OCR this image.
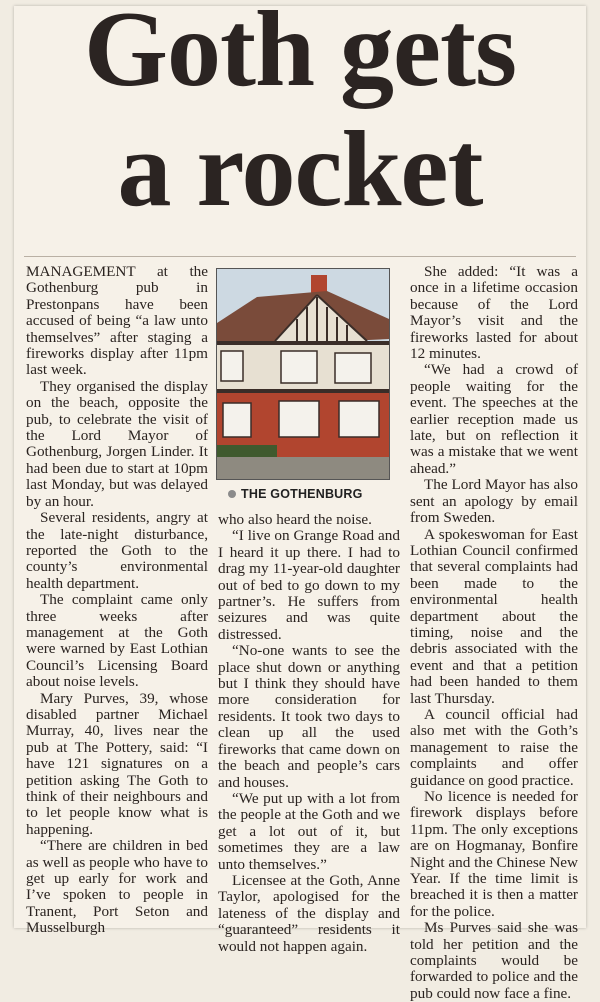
Goth gets
a rocket

MANAGEMENT at the Gothenburg pub in Prestonpans have been accused of being “a law unto themselves” after staging a fireworks display after 11pm last week.

They organised the display on the beach, opposite the pub, to celebrate the visit of the Lord Mayor of Gothenburg, Jorgen Linder. It had been due to start at 10pm last Monday, but was delayed by an hour.

Several residents, angry at the late-night disturbance, reported the Goth to the county’s environmental health department.

The complaint came only three weeks after management at the Goth were warned by East Lothian Council’s Licensing Board about noise levels.

Mary Purves, 39, whose disabled partner Michael Murray, 40, lives near the pub at The Pottery, said: “I have 121 signatures on a petition asking The Goth to think of their neighbours and to let people know what is happening.

“There are children in bed as well as people who have to get up early for work and I’ve spoken to people in Tranent, Port Seton and Musselburgh

THE GOTHENBURG

who also heard the noise.

“I live on Grange Road and I heard it up there. I had to drag my 11-year-old daughter out of bed to go down to my partner’s. He suffers from seizures and was quite distressed.

“No-one wants to see the place shut down or anything but I think they should have more consideration for residents. It took two days to clean up all the used fireworks that came down on the beach and people’s cars and houses.

“We put up with a lot from the people at the Goth and we get a lot out of it, but sometimes they are a law unto themselves.”

Licensee at the Goth, Anne Taylor, apologised for the lateness of the display and “guaranteed” residents it would not happen again.

She added: “It was a once in a lifetime occasion because of the Lord Mayor’s visit and the fireworks lasted for about 12 minutes.

“We had a crowd of people waiting for the event. The speeches at the earlier reception made us late, but on reflection it was a mistake that we went ahead.”

The Lord Mayor has also sent an apology by email from Sweden.

A spokeswoman for East Lothian Council confirmed that several complaints had been made to the environmental health department about the timing, noise and the debris associated with the event and that a petition had been handed to them last Thursday.

A council official had also met with the Goth’s management to raise the complaints and offer guidance on good practice.

No licence is needed for firework displays before 11pm. The only exceptions are on Hogmanay, Bonfire Night and the Chinese New Year. If the time limit is breached it is then a matter for the police.

Ms Purves said she was told her petition and the complaints would be forwarded to police and the pub could now face a fine.
